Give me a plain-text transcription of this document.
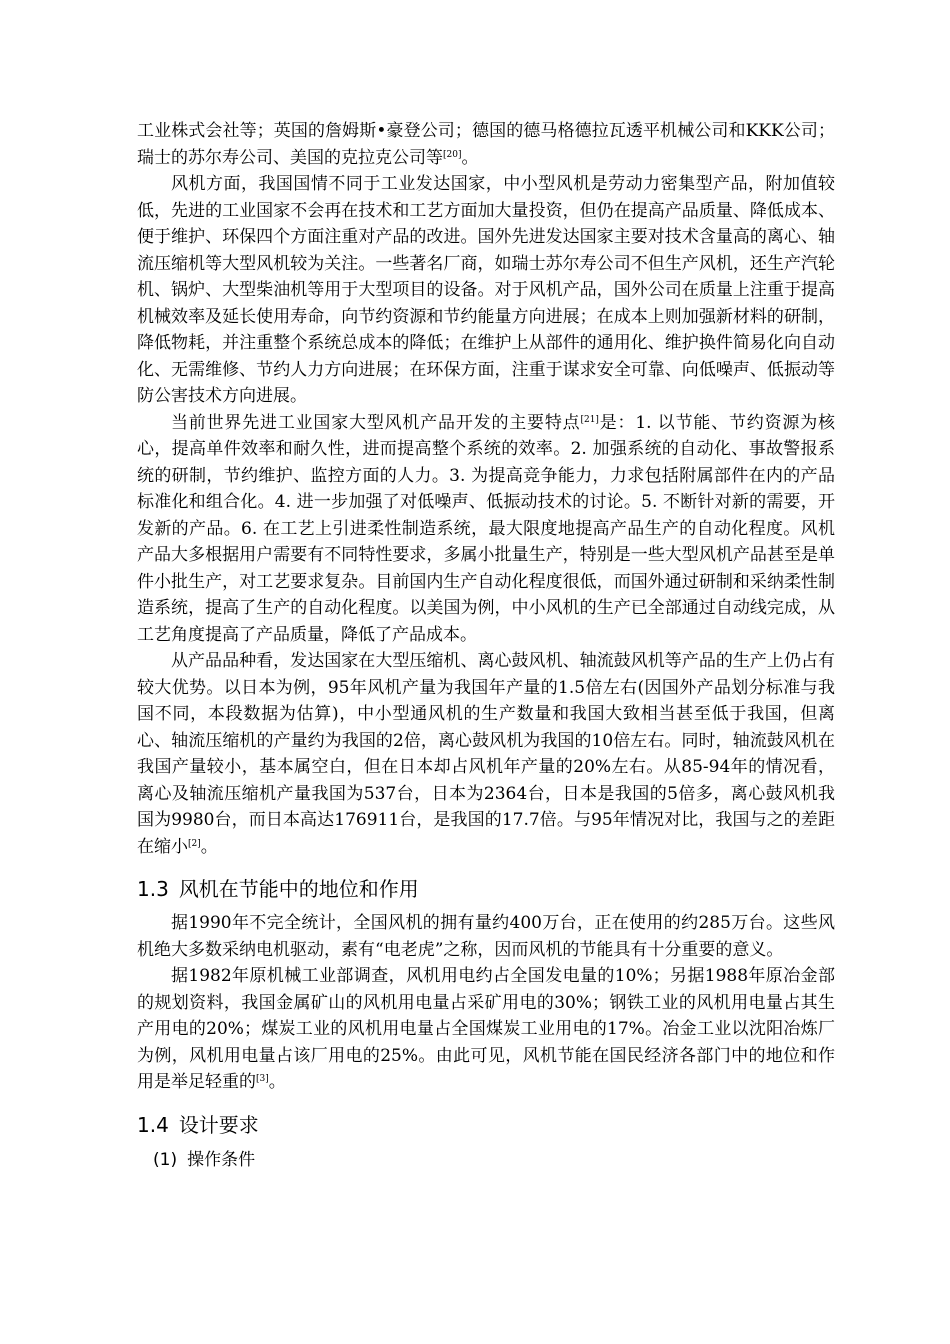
工业株式会社等；英国的詹姆斯•豪登公司；德国的德马格德拉瓦透平机械公司和KKK公司；瑞士的苏尔寿公司、美国的克拉克公司等[20]。

风机方面，我国国情不同于工业发达国家，中小型风机是劳动力密集型产品，附加值较低，先进的工业国家不会再在技术和工艺方面加大量投资，但仍在提高产品质量、降低成本、便于维护、环保四个方面注重对产品的改进。国外先进发达国家主要对技术含量高的离心、轴流压缩机等大型风机较为关注。一些著名厂商，如瑞士苏尔寿公司不但生产风机，还生产汽轮机、锅炉、大型柴油机等用于大型项目的设备。对于风机产品，国外公司在质量上注重于提高机械效率及延长使用寿命，向节约资源和节约能量方向进展；在成本上则加强新材料的研制，降低物耗，并注重整个系统总成本的降低；在维护上从部件的通用化、维护换件简易化向自动化、无需维修、节约人力方向进展；在环保方面，注重于谋求安全可靠、向低噪声、低振动等防公害技术方向进展。

当前世界先进工业国家大型风机产品开发的主要特点[21]是：1. 以节能、节约资源为核心，提高单件效率和耐久性，进而提高整个系统的效率。2. 加强系统的自动化、事故警报系统的研制，节约维护、监控方面的人力。3. 为提高竞争能力，力求包括附属部件在内的产品标准化和组合化。4. 进一步加强了对低噪声、低振动技术的讨论。5. 不断针对新的需要，开发新的产品。6. 在工艺上引进柔性制造系统，最大限度地提高产品生产的自动化程度。风机产品大多根据用户需要有不同特性要求，多属小批量生产，特别是一些大型风机产品甚至是单件小批生产，对工艺要求复杂。目前国内生产自动化程度很低，而国外通过研制和采纳柔性制造系统，提高了生产的自动化程度。以美国为例，中小风机的生产已全部通过自动线完成，从工艺角度提高了产品质量，降低了产品成本。

从产品品种看，发达国家在大型压缩机、离心鼓风机、轴流鼓风机等产品的生产上仍占有较大优势。以日本为例，95年风机产量为我国年产量的1.5倍左右(因国外产品划分标准与我国不同，本段数据为估算)，中小型通风机的生产数量和我国大致相当甚至低于我国，但离心、轴流压缩机的产量约为我国的2倍，离心鼓风机为我国的10倍左右。同时，轴流鼓风机在我国产量较小，基本属空白，但在日本却占风机年产量的20%左右。从85-94年的情况看，离心及轴流压缩机产量我国为537台，日本为2364台，日本是我国的5倍多，离心鼓风机我国为9980台，而日本高达176911台，是我国的17.7倍。与95年情况对比，我国与之的差距在缩小[2]。

1.3 风机在节能中的地位和作用

据1990年不完全统计，全国风机的拥有量约400万台，正在使用的约285万台。这些风机绝大多数采纳电机驱动，素有“电老虎”之称，因而风机的节能具有十分重要的意义。

据1982年原机械工业部调查，风机用电约占全国发电量的10%；另据1988年原冶金部的规划资料，我国金属矿山的风机用电量占采矿用电的30%；钢铁工业的风机用电量占其生产用电的20%；煤炭工业的风机用电量占全国煤炭工业用电的17%。冶金工业以沈阳冶炼厂为例，风机用电量占该厂用电的25%。由此可见，风机节能在国民经济各部门中的地位和作用是举足轻重的[3]。

1.4 设计要求
(1) 操作条件
